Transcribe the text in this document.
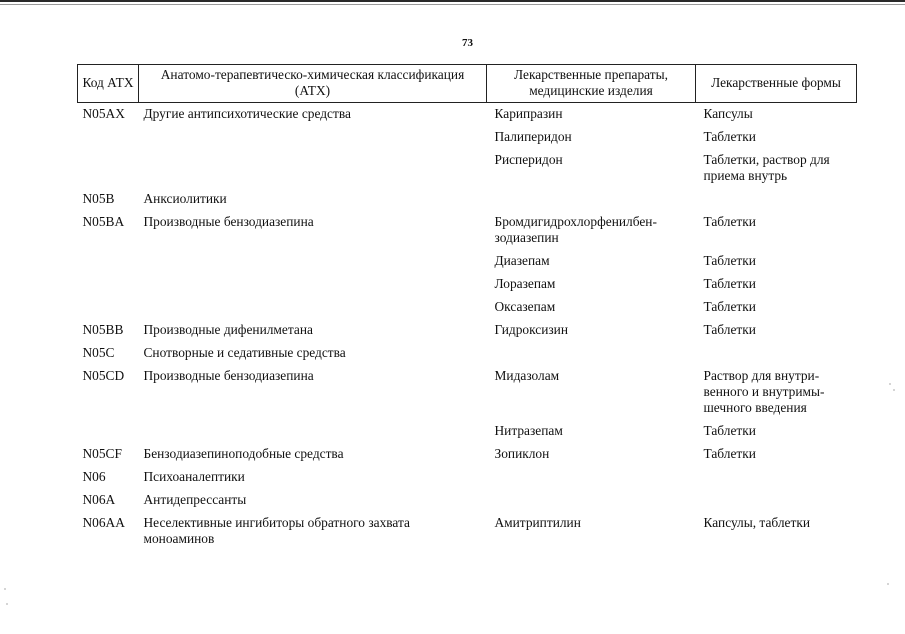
73
Код АТХ	Анатомо-терапевтическо-химическая классификация (АТХ)	Лекарственные препараты, медицинские изделия	Лекарственные формы
N05AX	Другие антипсихотические средства	Карипразин	Капсулы
		Палиперидон	Таблетки
		Рисперидон	Таблетки, раствор для приема внутрь
N05B	Анксиолитики		
N05BA	Производные бензодиазепина	Бромдигидрохлорфенилбен-зодиазепин	Таблетки
		Диазепам	Таблетки
		Лоразепам	Таблетки
		Оксазепам	Таблетки
N05BB	Производные дифенилметана	Гидроксизин	Таблетки
N05C	Снотворные и седативные средства		
N05CD	Производные бензодиазепина	Мидазолам	Раствор для внутри-венного и внутримы-шечного введения
		Нитразепам	Таблетки
N05CF	Бензодиазепиноподобные средства	Зопиклон	Таблетки
N06	Психоаналептики		
N06A	Антидепрессанты		
N06AA	Неселективные ингибиторы обратного захвата моноаминов	Амитриптилин	Капсулы, таблетки
